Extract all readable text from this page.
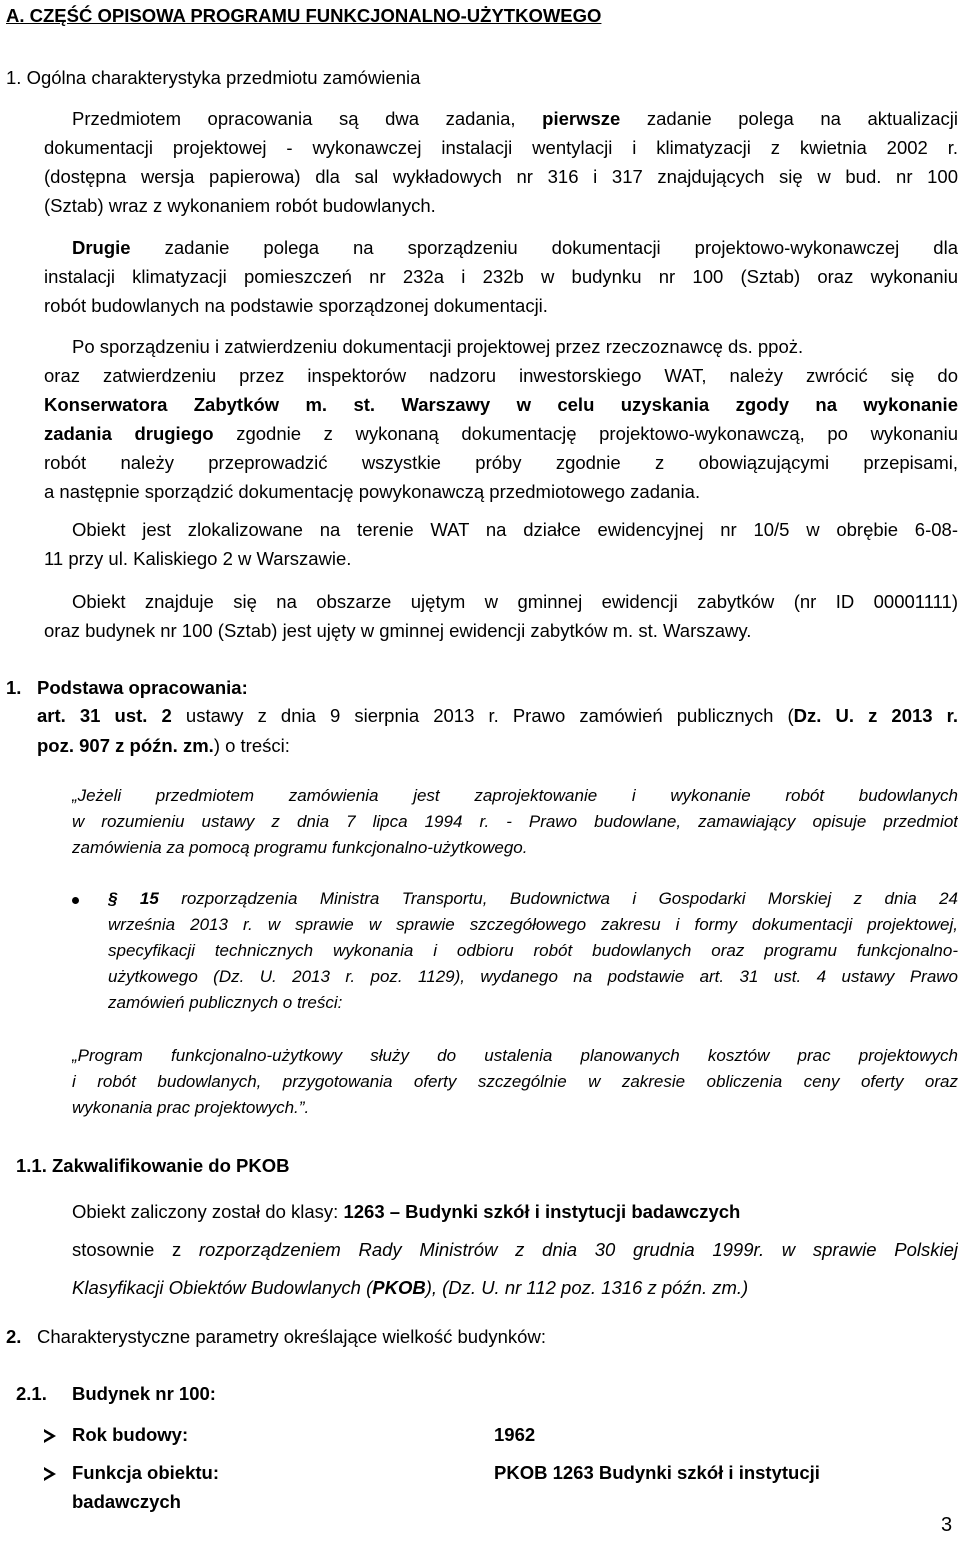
A. CZĘŚĆ OPISOWA PROGRAMU FUNKCJONALNO-UŻYTKOWEGO
1. Ogólna charakterystyka przedmiotu zamówienia
Przedmiotem opracowania są dwa zadania, pierwsze zadanie polega na aktualizacji
dokumentacji projektowej - wykonawczej instalacji wentylacji i klimatyzacji z kwietnia 2002 r.
(dostępna wersja papierowa) dla sal wykładowych nr 316 i 317 znajdujących się w bud. nr 100
(Sztab) wraz z wykonaniem robót budowlanych.
Drugie zadanie polega na sporządzeniu dokumentacji projektowo-wykonawczej dla
instalacji klimatyzacji pomieszczeń nr 232a i 232b w budynku nr 100 (Sztab) oraz wykonaniu
robót budowlanych na podstawie sporządzonej dokumentacji.
Po sporządzeniu i zatwierdzeniu dokumentacji projektowej przez rzeczoznawcę ds. ppoż.
oraz zatwierdzeniu przez inspektorów nadzoru inwestorskiego WAT, należy zwrócić się do
Konserwatora Zabytków m. st. Warszawy w celu uzyskania zgody na wykonanie
zadania drugiego zgodnie z wykonaną dokumentację projektowo-wykonawczą, po wykonaniu
robót należy przeprowadzić wszystkie próby zgodnie z obowiązującymi przepisami,
a następnie sporządzić dokumentację powykonawczą przedmiotowego zadania.
Obiekt jest zlokalizowane na terenie WAT na działce ewidencyjnej nr 10/5 w obrębie 6-08-
11 przy ul. Kaliskiego 2 w Warszawie.
Obiekt znajduje się na obszarze ujętym w gminnej ewidencji zabytków (nr ID 00001111)
oraz budynek nr 100 (Sztab) jest ujęty w gminnej ewidencji zabytków m. st. Warszawy.
1. Podstawa opracowania:
art. 31 ust. 2 ustawy z dnia 9 sierpnia 2013 r. Prawo zamówień publicznych (Dz. U. z 2013 r.
poz. 907 z późn. zm.) o treści:
„Jeżeli przedmiotem zamówienia jest zaprojektowanie i wykonanie robót budowlanych
w rozumieniu ustawy z dnia 7 lipca 1994 r. - Prawo budowlane, zamawiający opisuje przedmiot
zamówienia za pomocą programu funkcjonalno-użytkowego.
§ 15 rozporządzenia Ministra Transportu, Budownictwa i Gospodarki Morskiej z dnia 24
września 2013 r. w sprawie w sprawie szczegółowego zakresu i formy dokumentacji projektowej,
specyfikacji technicznych wykonania i odbioru robót budowlanych oraz programu funkcjonalno-
użytkowego (Dz. U. 2013 r. poz. 1129), wydanego na podstawie art. 31 ust. 4 ustawy Prawo
zamówień publicznych o treści:
„Program funkcjonalno-użytkowy służy do ustalenia planowanych kosztów prac projektowych
i robót budowlanych, przygotowania oferty szczególnie w zakresie obliczenia ceny oferty oraz
wykonania prac projektowych.”.
1.1. Zakwalifikowanie do PKOB
Obiekt zaliczony został do klasy: 1263 – Budynki szkół i instytucji badawczych
stosownie z rozporządzeniem Rady Ministrów z dnia 30 grudnia 1999r. w sprawie Polskiej
Klasyfikacji Obiektów Budowlanych (PKOB), (Dz. U. nr 112 poz. 1316 z późn. zm.)
2. Charakterystyczne parametry określające wielkość budynków:
2.1. Budynek nr 100:
Rok budowy:	1962
Funkcja obiektu:	PKOB 1263 Budynki szkół i instytucji
badawczych
3
